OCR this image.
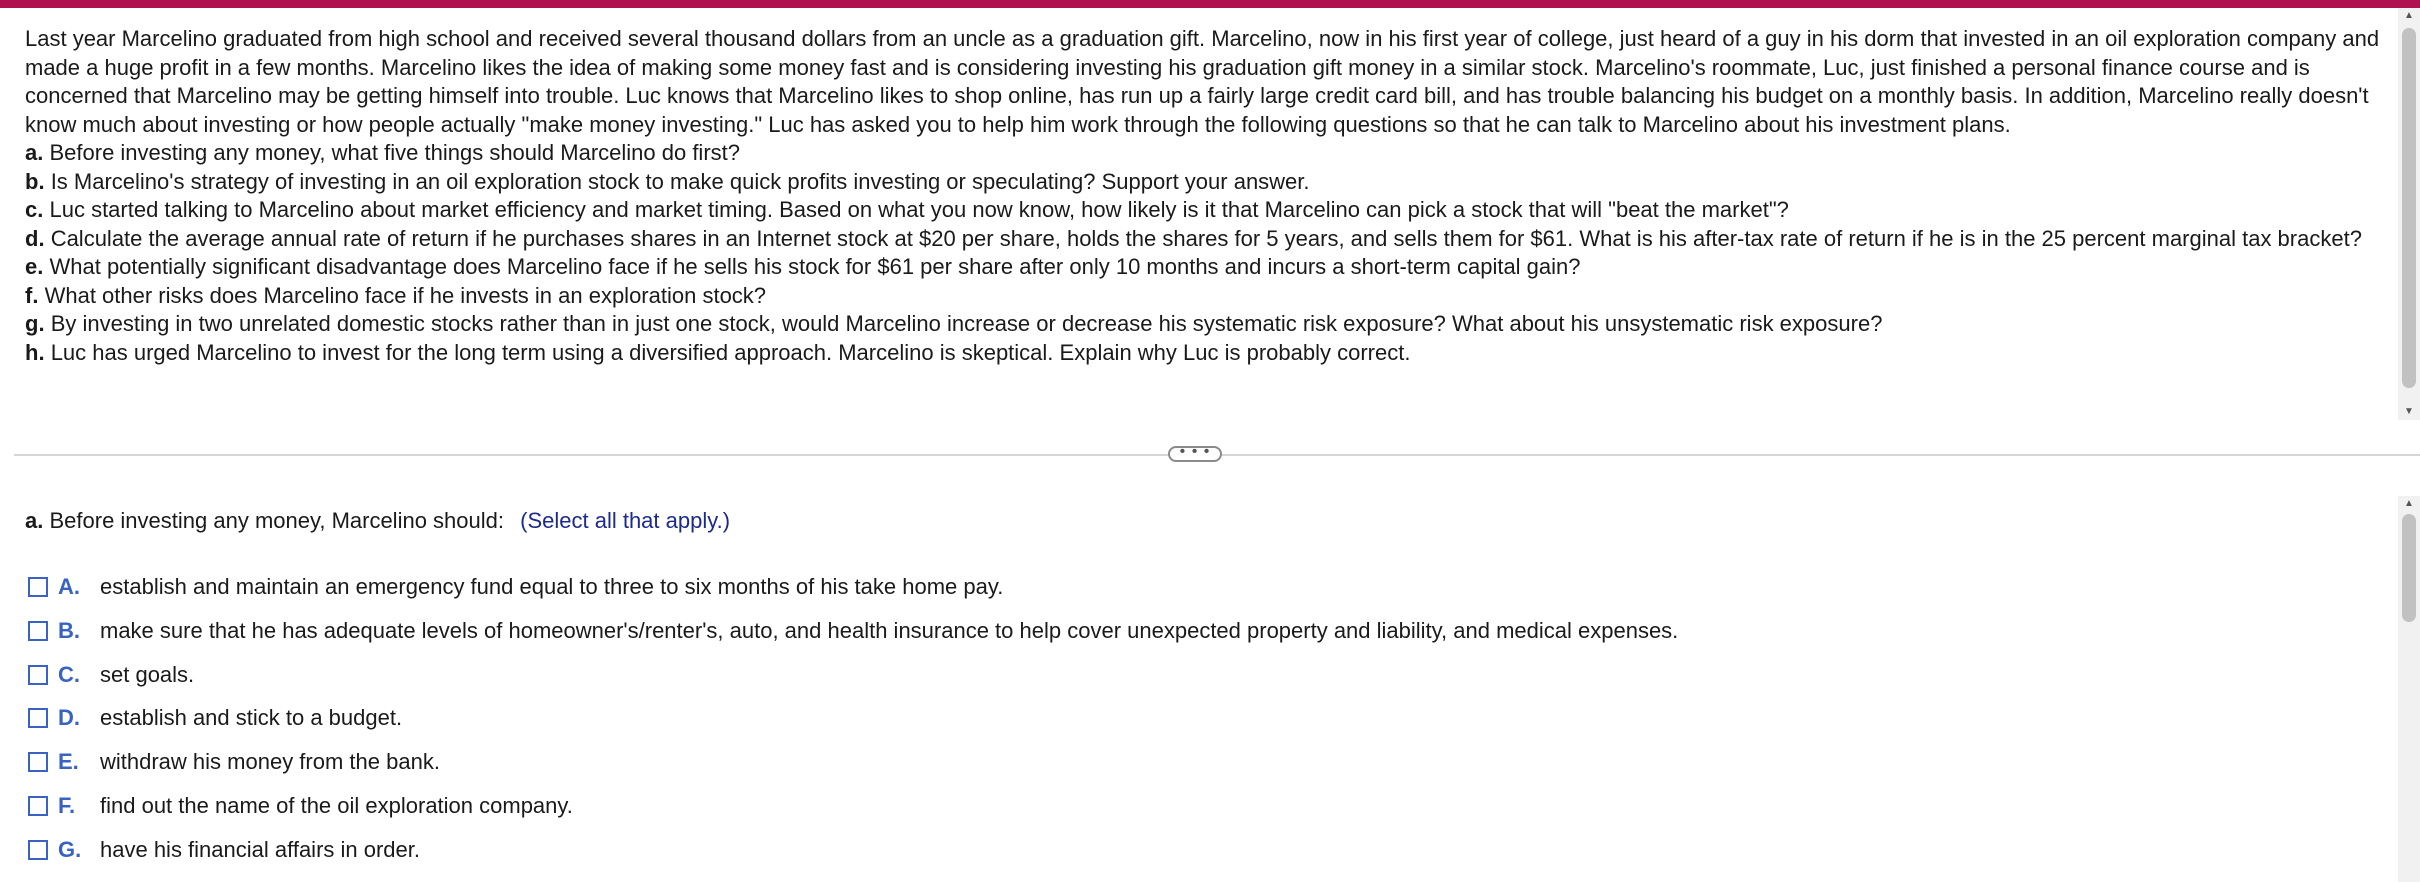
Last year Marcelino graduated from high school and received several thousand dollars from an uncle as a graduation gift. Marcelino, now in his first year of college, just heard of a guy in his dorm that invested in an oil exploration company and made a huge profit in a few months. Marcelino likes the idea of making some money fast and is considering investing his graduation gift money in a similar stock. Marcelino's roommate, Luc, just finished a personal finance course and is concerned that Marcelino may be getting himself into trouble. Luc knows that Marcelino likes to shop online, has run up a fairly large credit card bill, and has trouble balancing his budget on a monthly basis. In addition, Marcelino really doesn't

know much about investing or how people actually "make money investing." Luc has asked you to help him work through the following questions so that he can talk to Marcelino about his investment plans.

a. Before investing any money, what five things should Marcelino do first?

b. Is Marcelino's strategy of investing in an oil exploration stock to make quick profits investing or speculating? Support your answer.

c. Luc started talking to Marcelino about market efficiency and market timing. Based on what you now know, how likely is it that Marcelino can pick a stock that will "beat the market"?

d. Calculate the average annual rate of return if he purchases shares in an Internet stock at $20 per share, holds the shares for 5 years, and sells them for $61. What is his after-tax rate of return if he is in the 25 percent marginal tax bracket?

e. What potentially significant disadvantage does Marcelino face if he sells his stock for $61 per share after only 10 months and incurs a short-term capital gain?

f. What other risks does Marcelino face if he invests in an exploration stock?

g. By investing in two unrelated domestic stocks rather than in just one stock, would Marcelino increase or decrease his systematic risk exposure? What about his unsystematic risk exposure?

h. Luc has urged Marcelino to invest for the long term using a diversified approach. Marcelino is skeptical. Explain why Luc is probably correct.

▲
▼
• • •
a. Before investing any money, Marcelino should: (Select all that apply.)
A. establish and maintain an emergency fund equal to three to six months of his take home pay.
B. make sure that he has adequate levels of homeowner's/renter's, auto, and health insurance to help cover unexpected property and liability, and medical expenses.
C. set goals.
D. establish and stick to a budget.
E. withdraw his money from the bank.
F.	find out the name of the oil exploration company.
G. have his financial affairs in order.
▲
